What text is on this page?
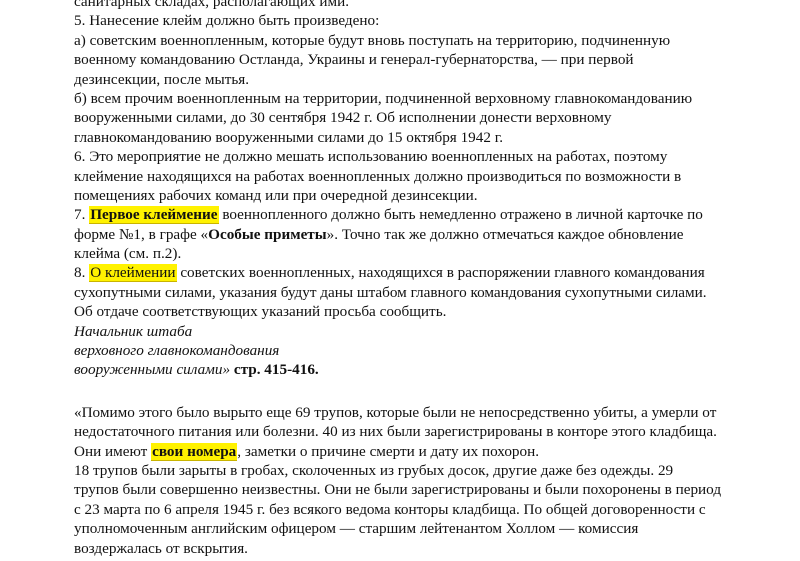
санитарных складах, располагающих ими.
5. Нанесение клейм должно быть произведено:
а) советским военнопленным, которые будут вновь поступать на территорию, подчиненную
военному командованию Остланда, Украины и генерал-губернаторства, — при первой
дезинсекции, после мытья.
б) всем прочим военнопленным на территории, подчиненной верховному главнокомандованию
вооруженными силами, до 30 сентября 1942 г. Об исполнении донести верховному
главнокомандованию вооруженными силами до 15 октября 1942 г.
6. Это мероприятие не должно мешать использованию военнопленных на работах, поэтому
клеймение находящихся на работах военнопленных должно производиться по возможности в
помещениях рабочих команд или при очередной дезинсекции.
7. Первое клеймение военнопленного должно быть немедленно отражено в личной карточке по
форме №1, в графе «Особые приметы». Точно так же должно отмечаться каждое обновление
клейма (см. п.2).
8. О клеймении советских военнопленных, находящихся в распоряжении главного командования
сухопутными силами, указания будут даны штабом главного командования сухопутными силами.
Об отдаче соответствующих указаний просьба сообщить.
Начальник штаба
верховного главнокомандования
вооруженными силами» стр. 415-416.
«Помимо этого было вырыто еще 69 трупов, которые были не непосредственно убиты, а умерли от
недостаточного питания или болезни. 40 из них были зарегистрированы в конторе этого кладбища.
Они имеют свои номера, заметки о причине смерти и дату их похорон.
18 трупов были зарыты в гробах, сколоченных из грубых досок, другие даже без одежды. 29
трупов были совершенно неизвестны. Они не были зарегистрированы и были похоронены в период
с 23 марта по 6 апреля 1945 г. без всякого ведома конторы кладбища. По общей договоренности с
уполномоченным английским офицером — старшим лейтенантом Холлом — комиссия
воздержалась от вскрытия.
